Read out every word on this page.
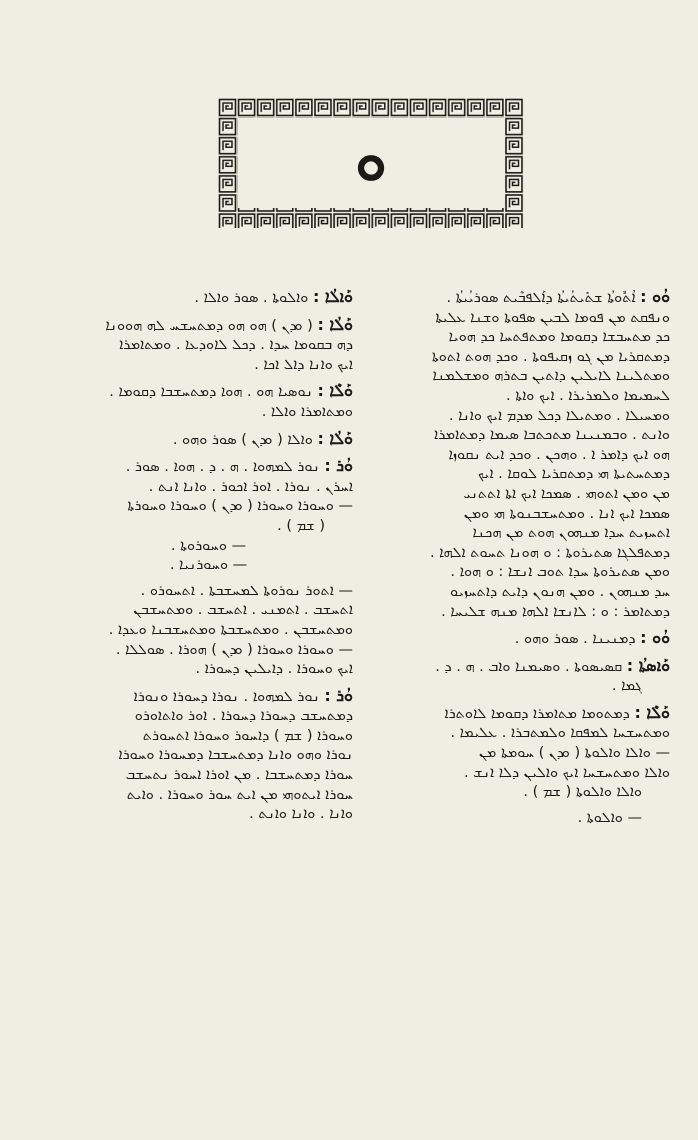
ܘ
ܘܳܘ : ܐܳܬܽܘܬܳܐ ܫܬܺܝܬܳܝܬܳܐ ܕܐܰܠܦܒܶܝܬ ܣܘܪܝܳܝܬܳܐ .
ܘܢܦܩܬ ܡܢ ܦܘܡܐ ܠܒܝܢ ܣܦܘܬܐ ܘܫܢܐ ܥܠܝܬܐ
ܟܕ ܡܬܚܒܫܐ ܕܩܘܡܐ ܘܡܬܦܬܚܐ ܟܕ ܗܘܝܐ
ܕܡܬܩܪܝܐ ܡܢ ܓܘ ܙܩܝܦܘܬܐ . ܘܟܕ ܗܘܬ ܐܬܘܬܐ
ܘܡܬܠܝܢܐ ܠܐܝܠܝܢ ܕܐܬܝܢ ܒܬܪܗ ܘܡܫܠܡܢܐ
ܠܚܡܝܡܐ ܘܠܡܪܝܪܐ . ܐܝܟ ܘܐܬܐ .
ܘܡܚܝܠܐ . ܘܡܬܝܠܐ ܕܟܠ ܡܕܡ ܐܝܟ ܘܐܢܐ .
ܘܐܢܬ . ܘܒܡܢܝܢܐ ܡܬܟܬܒܐ ܣܝܡܐ ܕܡܬܐܡܪܐ
ܗܘ ܐܝܟ ܕܐܡܪ ܐ . ܘܗܟܢ . ܘܟܕ ܐܝܬ ܢܩܘܙܐ
ܕܡܬܚܬܝܬܐ ܗܝ ܕܡܬܩܪܝܐ ܠܘܩܐ . ܐܝܟ
ܡܢ ܘܡܢ ܐܬܘܗܝ . ܣܡܟܐ ܐܝܟ ܐܬܐ ܐܬܬܢܝ
ܣܡܟܐ ܐܝܟ ܐܢܐ . ܘܡܬܚܫܒܢܘܬܐ ܗܝ ܘܡܢ
ܐܬܚܙܝܬ ܚܕܐ ܡܢܗܘܢ ܗܘܬ ܡܢ ܗܟܢܐ
ܕܡܬܦܠܓܐ ܣܬܝܪܘܬܐ : ܘ ܗܘܢܐ ܬܚܘܬ ܐܠܗܐ .
ܘܡܢ ܣܬܝܪܘܬܐ ܚܕܐ ܬܘܒ ܐܢܫܐ : ܘ ܗܘܐ .
ܚܕ ܡܢܗܘܢ . ܘܡܢ ܗܢܘܢ ܕܐܝܬ ܕܐܬܚܙܝܘ
ܕܡܬܐܡܪ : ܘ : ܠܐܢܫܐ ܐܠܗܐ ܡܢܗ ܫܠܝܚܐ .
ܘܳܘ : ܕܡܢܝܢܐ . ܣܘܪ ܘܗܘ .
ܘܰܐܣܬܳܐ : ܩܣܝܣܘܬܐ . ܘܣܝܡܢܐ ܘܐܒ . ܗ . ܕ .
ܓܡܐ .
ܘܰܠܶܐ : ܕܡܬܘܡܐ ܡܬܐܡܪܐ ܕܩܘܡܐ ܠܐܘܬܪܐ
ܘܡܬܚܫܚܐ ܠܡܦܩܐ ܘܠܡܬܒܪܐ . ܥܠܝܡܐ .
— ܘܐܠܐ ܘܐܠܘܬܐ ( ܘܕܢ ) ܚܘܡܬܐ ܡܢ
ܘܐܠܐ ܘܡܬܚܫܚܐ ܐܝܟ ܘܐܠܝܢ ܕܠܐ ܐܢܫ .
ܘܐܠܐ ܘܐܠܘܬܐ ( ܫܡ ) .
— ܘܐܠܘܬܐ .
ܘܰܐܠܳܐ : ܘܐܠܘܬܐ . ܣܘܪ ܘܐܠܐ .
ܘܰܠܳܐ : ( ܘܕܢ ) ܗܘ ܗܘ ܕܡܬܚܫܚ ܠܗ ܗܘܘܢܐ
ܕܗ ܒܩܘܡܐ ܚܕܐ . ܕܟܠ ܠܐܘܕܥܐ . ܘܡܬܐܡܪܐ
ܐܝܟ ܘܐܢܐ ܕܐܠ ܐܟܐ .
ܘܰܠܶܐ : ܢܘܣܝܐ ܗܘ . ܗܘܐ ܕܡܬܚܫܒܐ ܕܩܘܡܐ .
ܘܡܬܐܡܪܐ ܘܐܠܐ .
ܘܰܠܳܐ : ܘܐܠܐ ( ܘܕܢ ) ܣܘܪ ܘܗܘ .
ܘܳܪ : ܢܘܪ ܠܡܗܘܐ . ܗ . ܕ . ܗܘܐ . ܣܘܪ .
ܐܚܪܢ . ܢܘܪܐ . ܐܘܪ ܐܟܘܪ . ܘܐܢܐ ܐܢܬ .
— ܘܚܘܪܐ ܘܚܘܪܐ ( ܘܕܢ ) ܘܚܘܪܐ ܘܚܘܪܬܐ
( ܫܡ ) .
— ܘܚܘܪܘܬܐ .
— ܘܚܘܪܢܝܐ .
— ܐܬܘܪ ܢܘܪܘܬܐ ܠܡܚܫܒܬܐ . ܐܬܚܘܪܘ .
ܐܬܚܫܒ . ܐܬܡܢܝ . ܐܬܚܫܒ . ܘܡܬܚܫܒܢ
ܘܡܬܚܫܒܢ . ܘܡܬܚܫܒܬܐ ܘܡܬܚܫܒܢܐ ܘܥܕܐ .
— ܘܚܘܪܐ ܘܚܘܪܐ ( ܘܕܢ ) ܗܘܪܐ . ܣܘܠܠܐ .
ܐܝܟ ܘܚܘܪܐ . ܕܐܝܠܝܢ ܕܚܘܪܐ .
ܘܳܪ : ܢܘܪ ܠܡܗܘܐ . ܢܘܪܐ ܕܚܘܪܐ ܘܢܘܪܐ
ܕܡܬܚܫܒ ܕܚܘܪܐ ܕܚܘܪܐ . ܐܘܪ ܘܐܬܐܘܪܘ
ܘܚܘܪܐ ( ܫܡ ) ܕܐܚܘܪ ܘܚܘܪܐ ܐܬܚܘܪܬ
ܢܘܪܐ ܘܗܘ ܘܐܢܐ ܕܡܬܚܫܒܐ ܕܡܚܘܪܐ ܘܚܘܪܐ
ܚܘܪܐ ܕܡܬܚܫܒܐ . ܡܢ ܐܘܪܐ ܐܚܘܪ ܢܬܚܫܒ
ܚܘܪܐ ܐܝܬܘܗܝ ܡܢ ܐܝܬ ܚܘܪ ܘܚܘܪܐ . ܘܐܝܬ
ܘܐܢܐ . ܘܐܢܐ ܘܐܢܬ .
